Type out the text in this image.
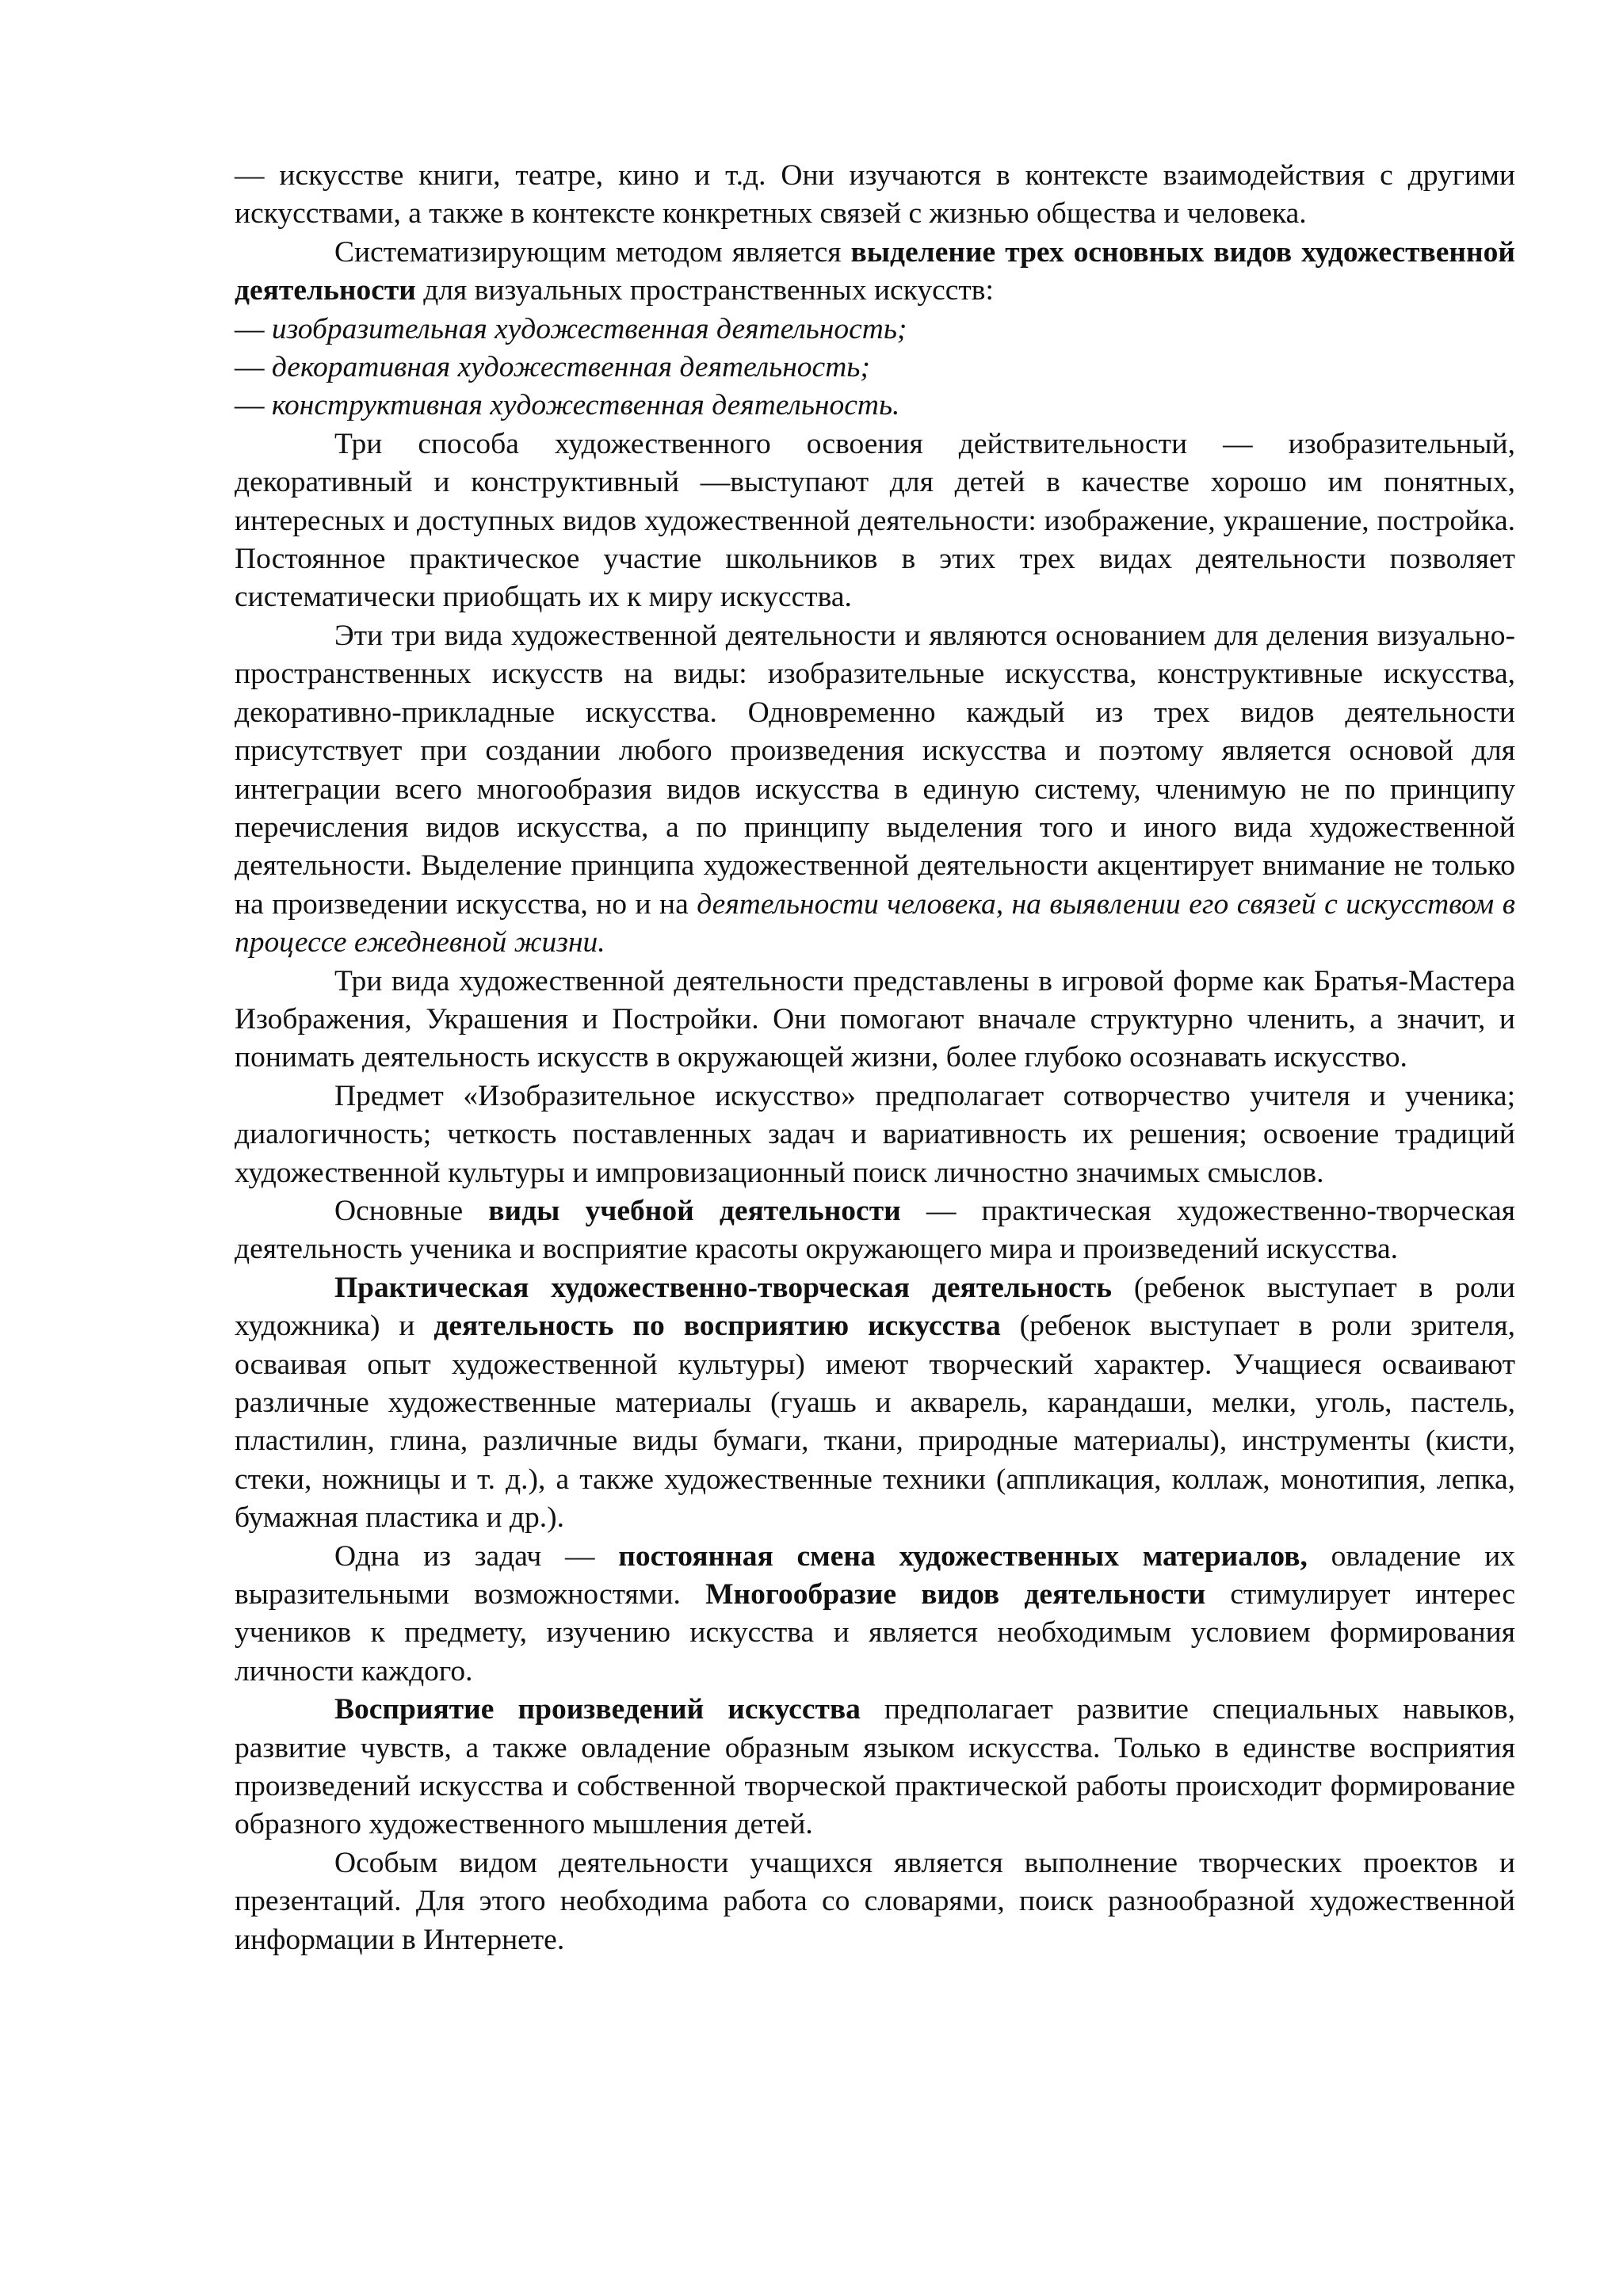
— искусстве книги, театре, кино и т.д. Они изучаются в контексте взаимодействия с другими искусствами, а также в контексте конкретных связей с жизнью общества и человека.

Систематизирующим методом является выделение трех основных видов художественной деятельности для визуальных пространственных искусств:

— изобразительная художественная деятельность;

— декоративная художественная деятельность;

— конструктивная художественная деятельность.

Три способа художественного освоения действительности — изобразительный, декоративный и конструктивный —выступают для детей в качестве хорошо им понятных, интересных и доступных видов художественной деятельности: изображение, украшение, постройка. Постоянное практическое участие школьников в этих трех видах деятельности позволяет систематически приобщать их к миру искусства.

Эти три вида художественной деятельности и являются основанием для деления визуально-пространственных искусств на виды: изобразительные искусства, конструктивные искусства, декоративно-прикладные искусства. Одновременно каждый из трех видов деятельности присутствует при создании любого произведения искусства и поэтому является основой для интеграции всего многообразия видов искусства в единую систему, членимую не по принципу перечисления видов искусства, а по принципу выделения того и иного вида художественной деятельности. Выделение принципа художественной деятельности акцентирует внимание не только на произведении искусства, но и на деятельности человека, на выявлении его связей с искусством в процессе ежедневной жизни.

Три вида художественной деятельности представлены в игровой форме как Братья-Мастера Изображения, Украшения и Постройки. Они помогают вначале структурно членить, а значит, и понимать деятельность искусств в окружающей жизни, более глубоко осознавать искусство.

Предмет «Изобразительное искусство» предполагает сотворчество учителя и ученика; диалогичность; четкость поставленных задач и вариативность их решения; освоение традиций художественной культуры и импровизационный поиск личностно значимых смыслов.

Основные виды учебной деятельности — практическая художественно-творческая деятельность ученика и восприятие красоты окружающего мира и произведений искусства.

Практическая художественно-творческая деятельность (ребенок выступает в роли художника) и деятельность по восприятию искусства (ребенок выступает в роли зрителя, осваивая опыт художественной культуры) имеют творческий характер. Учащиеся осваивают различные художественные материалы (гуашь и акварель, карандаши, мелки, уголь, пастель, пластилин, глина, различные виды бумаги, ткани, природные материалы), инструменты (кисти, стеки, ножницы и т. д.), а также художественные техники (аппликация, коллаж, монотипия, лепка, бумажная пластика и др.).

Одна из задач — постоянная смена художественных материалов, овладение их выразительными возможностями. Многообразие видов деятельности стимулирует интерес учеников к предмету, изучению искусства и является необходимым условием формирования личности каждого.

Восприятие произведений искусства предполагает развитие специальных навыков, развитие чувств, а также овладение образным языком искусства. Только в единстве восприятия произведений искусства и собственной творческой практической работы происходит формирование образного художественного мышления детей.

Особым видом деятельности учащихся является выполнение творческих проектов и презентаций. Для этого необходима работа со словарями, поиск разнообразной художественной информации в Интернете.
